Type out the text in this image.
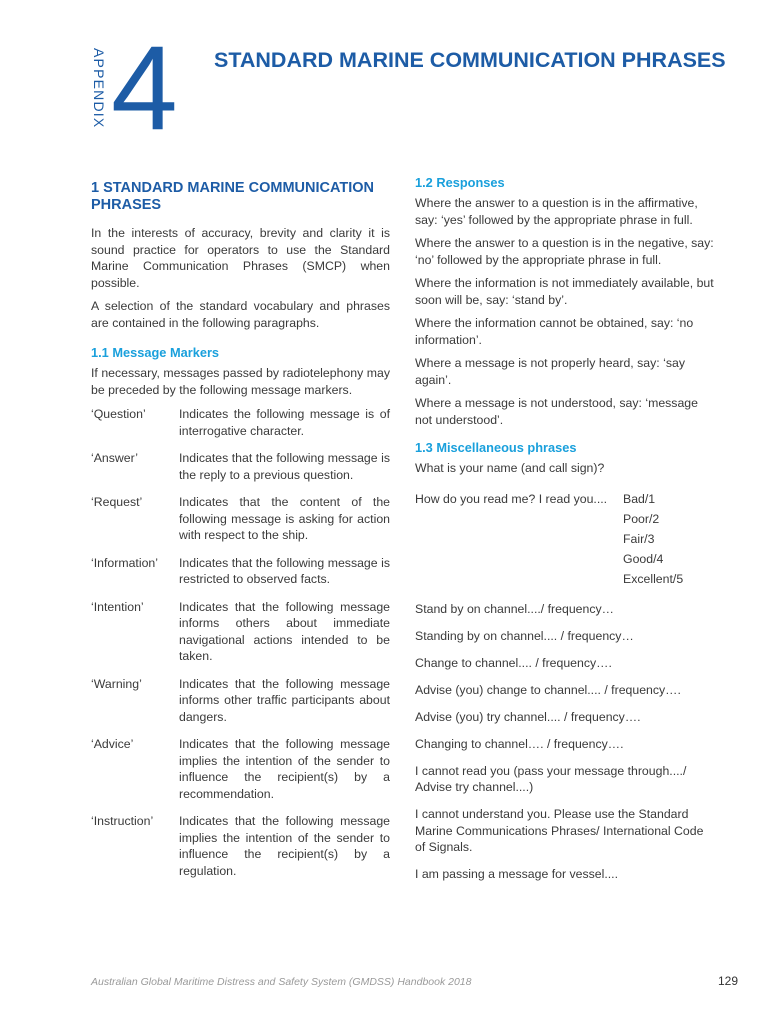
APPENDIX 4 STANDARD MARINE COMMUNICATION PHRASES
1 STANDARD MARINE COMMUNICATION PHRASES

In the interests of accuracy, brevity and clarity it is sound practice for operators to use the Standard Marine Communication Phrases (SMCP) when possible.

A selection of the standard vocabulary and phrases are contained in the following paragraphs.

1.1 Message Markers

If necessary, messages passed by radiotelephony may be preceded by the following message markers.

‘Question’	Indicates the following message is of interrogative character.
‘Answer’	Indicates that the following message is the reply to a previous question.
‘Request’	Indicates that the content of the following message is asking for action with respect to the ship.
‘Information’	Indicates that the following message is restricted to observed facts.
‘Intention’	Indicates that the following message informs others about immediate navigational actions intended to be taken.
‘Warning’	Indicates that the following message informs other traffic participants about dangers.
‘Advice’	Indicates that the following message implies the intention of the sender to influence the recipient(s) by a recommendation.
‘Instruction’	Indicates that the following message implies the intention of the sender to influence the recipient(s) by a regulation.
1.2 Responses

Where the answer to a question is in the affirmative, say: ‘yes’ followed by the appropriate phrase in full.

Where the answer to a question is in the negative, say: ‘no’ followed by the appropriate phrase in full.

Where the information is not immediately available, but soon will be, say: ‘stand by’.

Where the information cannot be obtained, say: ‘no information’.

Where a message is not properly heard, say: ‘say again’.

Where a message is not understood, say: ‘message not understood’.

1.3 Miscellaneous phrases

What is your name (and call sign)?

How do you read me? I read you....	Bad/1
Poor/2
Fair/3
Good/4
Excellent/5
Stand by on channel..../ frequency…
Standing by on channel.... / frequency…
Change to channel.... / frequency….
Advise (you) change to channel.... / frequency….
Advise (you) try channel.... / frequency….
Changing to channel…. / frequency….
I cannot read you (pass your message through..../ Advise try channel....)
I cannot understand you. Please use the Standard Marine Communications Phrases/ International Code of Signals.
I am passing a message for vessel....
Australian Global Maritime Distress and Safety System (GMDSS) Handbook 2018	129
